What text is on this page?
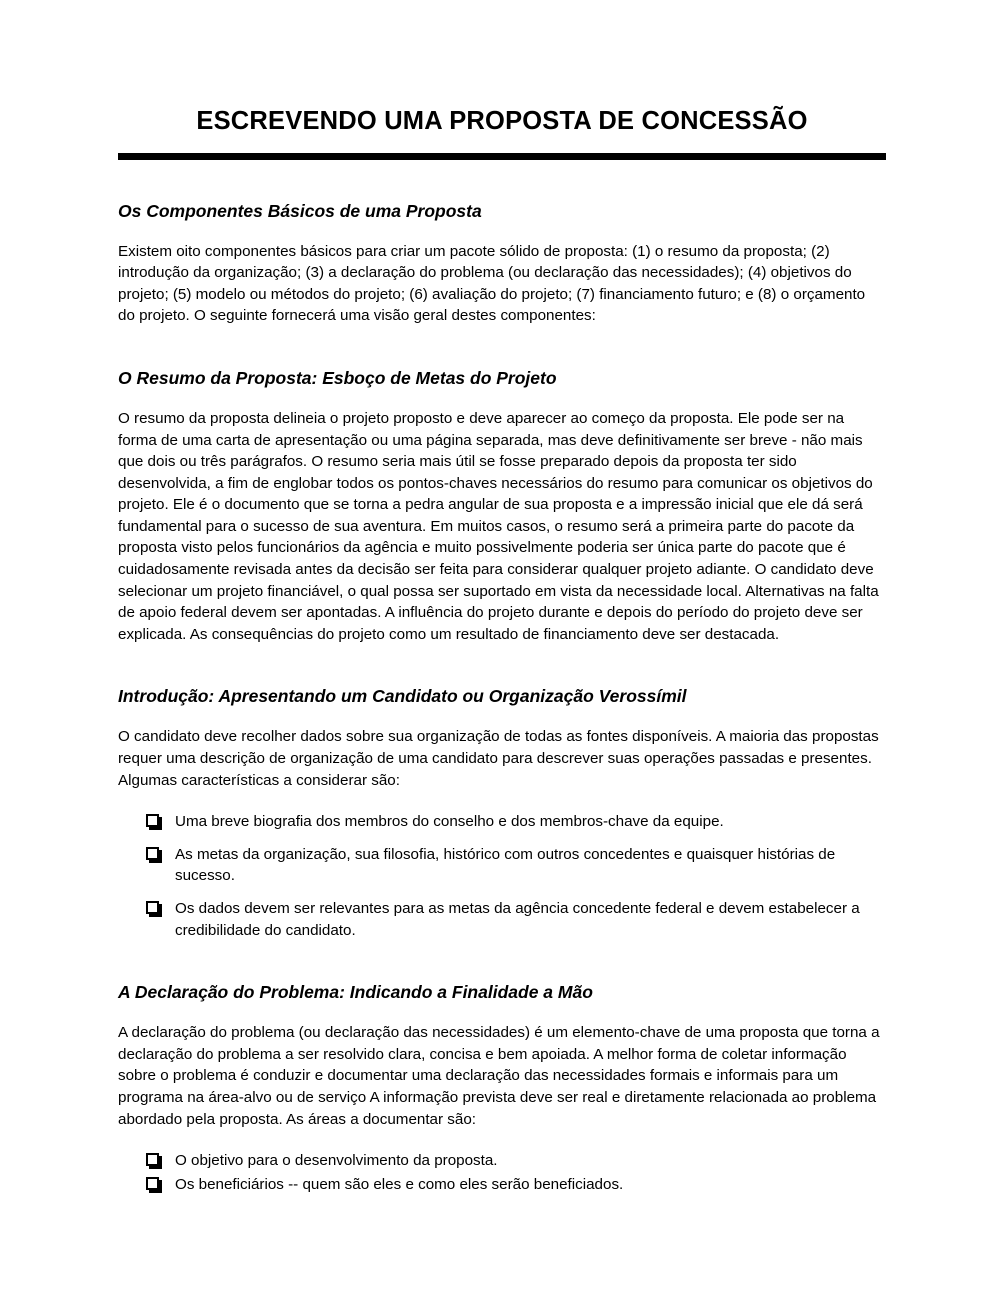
ESCREVENDO UMA PROPOSTA DE CONCESSÃO
Os Componentes Básicos de uma Proposta

Existem oito componentes básicos para criar um pacote sólido de proposta: (1) o resumo da proposta; (2) introdução da organização; (3) a declaração do problema (ou declaração das necessidades); (4) objetivos do projeto; (5) modelo ou métodos do projeto; (6) avaliação do projeto; (7) financiamento futuro; e (8) o orçamento do projeto. O seguinte fornecerá uma visão geral destes componentes:

O Resumo da Proposta: Esboço de Metas do Projeto

O resumo da proposta delineia o projeto proposto e deve aparecer ao começo da proposta. Ele pode ser na forma de uma carta de apresentação ou uma página separada, mas deve definitivamente ser breve - não mais que dois ou três parágrafos. O resumo seria mais útil se fosse preparado depois da proposta ter sido desenvolvida, a fim de englobar todos os pontos-chaves necessários do resumo para comunicar os objetivos do projeto. Ele é o documento que se torna a pedra angular de sua proposta e a impressão inicial que ele dá será fundamental para o sucesso de sua aventura. Em muitos casos, o resumo será a primeira parte do pacote da proposta visto pelos funcionários da agência e muito possivelmente poderia ser única parte do pacote que é cuidadosamente revisada antes da decisão ser feita para considerar qualquer projeto adiante. O candidato deve selecionar um projeto financiável, o qual possa ser suportado em vista da necessidade local. Alternativas na falta de apoio federal devem ser apontadas. A influência do projeto durante e depois do período do projeto deve ser explicada. As consequências do projeto como um resultado de financiamento deve ser destacada.

Introdução: Apresentando um Candidato ou Organização Verossímil

O candidato deve recolher dados sobre sua organização de todas as fontes disponíveis. A maioria das propostas requer uma descrição de organização de uma candidato para descrever suas operações passadas e presentes. Algumas características a considerar são:

Uma breve biografia dos membros do conselho e dos membros-chave da equipe.
As metas da organização, sua filosofia, histórico com outros concedentes e quaisquer histórias de sucesso.
Os dados devem ser relevantes para as metas da agência concedente federal e devem estabelecer a credibilidade do candidato.
A Declaração do Problema: Indicando a Finalidade a Mão

A declaração do problema (ou declaração das necessidades) é um elemento-chave de uma proposta que torna a declaração do problema a ser resolvido clara, concisa e bem apoiada. A melhor forma de coletar informação sobre o problema é conduzir e documentar uma declaração das necessidades formais e informais para um programa na área-alvo ou de serviço A informação prevista deve ser real e diretamente relacionada ao problema abordado pela proposta. As áreas a documentar são:

O objetivo para o desenvolvimento da proposta.
Os beneficiários -- quem são eles e como eles serão beneficiados.
